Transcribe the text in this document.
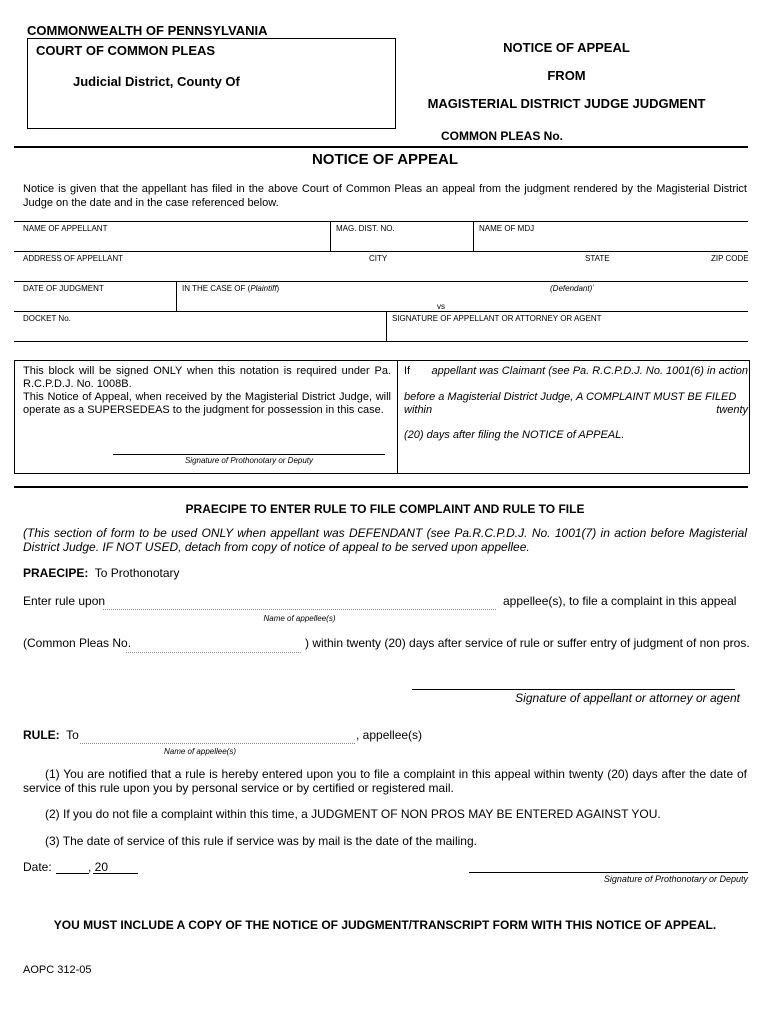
COMMONWEALTH OF PENNSYLVANIA
COURT OF COMMON PLEAS
Judicial District, County Of
NOTICE OF APPEAL
FROM
MAGISTERIAL DISTRICT JUDGE JUDGMENT
COMMON PLEAS No.
NOTICE OF APPEAL
Notice is given that the appellant has filed in the above Court of Common Pleas an appeal from the judgment rendered by the Magisterial District Judge on the date and in the case referenced below.
NAME OF APPELLANT	MAG. DIST. NO.	NAME OF MDJ
ADDRESS OF APPELLANT	CITY	STATE	ZIP CODE
DATE OF JUDGMENT	IN THE CASE OF (Plaintiff)	(Defendant)`
vs
DOCKET No.	SIGNATURE OF APPELLANT OR ATTORNEY OR AGENT
This block will be signed ONLY when this notation is required under Pa. R.C.P.D.J. No. 1008B.
This Notice of Appeal, when received by the Magisterial District Judge, will operate as a SUPERSEDEAS to the judgment for possession in this case.
Signature of Prothonotary or Deputy
If appellant was Claimant (see Pa. R.C.P.D.J. No. 1001(6) in action
before a Magisterial District Judge, A COMPLAINT MUST BE FILED
within	twenty
(20) days after filing the NOTICE of APPEAL.
PRAECIPE TO ENTER RULE TO FILE COMPLAINT AND RULE TO FILE
(This section of form to be used ONLY when appellant was DEFENDANT (see Pa.R.C.P.D.J. No. 1001(7) in action before Magisterial District Judge. IF NOT USED, detach from copy of notice of appeal to be served upon appellee.
PRAECIPE: To Prothonotary
Enter rule upon	appellee(s), to file a complaint in this appeal
Name of appellee(s)
(Common Pleas No.	) within twenty (20) days after service of rule or suffer entry of judgment of non pros.
Signature of appellant or attorney or agent
RULE: To	, appellee(s)
Name of appellee(s)
(1) You are notified that a rule is hereby entered upon you to file a complaint in this appeal within twenty (20) days after the date of service of this rule upon you by personal service or by certified or registered mail.
(2) If you do not file a complaint within this time, a JUDGMENT OF NON PROS MAY BE ENTERED AGAINST YOU.
(3) The date of service of this rule if service was by mail is the date of the mailing.
Date:	, 20
Signature of Prothonotary or Deputy
YOU MUST INCLUDE A COPY OF THE NOTICE OF JUDGMENT/TRANSCRIPT FORM WITH THIS NOTICE OF APPEAL.
AOPC 312-05
